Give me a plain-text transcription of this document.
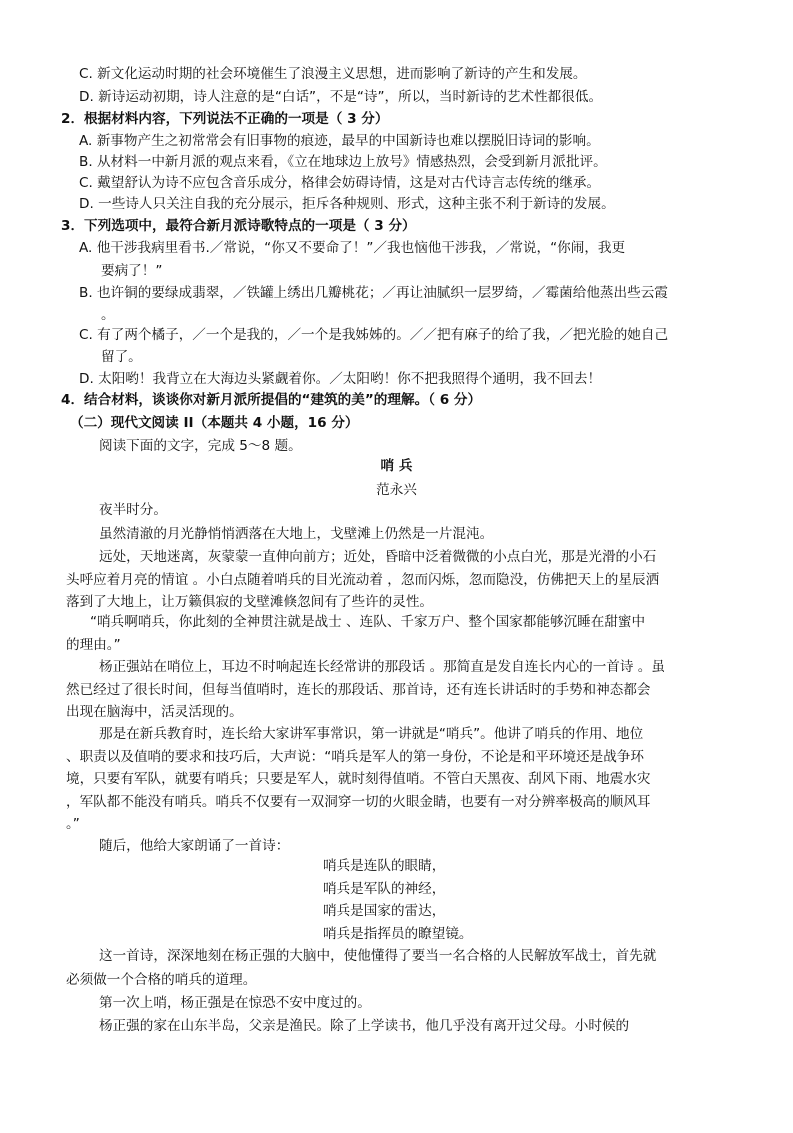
C. 新文化运动时期的社会环境催生了浪漫主义思想，进而影响了新诗的产生和发展。
D. 新诗运动初期，诗人注意的是“白话”，不是“诗”，所以，当时新诗的艺术性都很低。
2．根据材料内容，下列说法不正确的一项是（ 3 分）
A. 新事物产生之初常常会有旧事物的痕迹，最早的中国新诗也难以摆脱旧诗词的影响。
B. 从材料一中新月派的观点来看，《立在地球边上放号》情感热烈，会受到新月派批评。
C. 戴望舒认为诗不应包含音乐成分，格律会妨碍诗情，这是对古代诗言志传统的继承。
D. 一些诗人只关注自我的充分展示，拒斥各种规则、形式，这种主张不利于新诗的发展。
3．下列选项中，最符合新月派诗歌特点的一项是（ 3 分）
A. 他干涉我病里看书.／常说，“你又不要命了！”／我也恼他干涉我，／常说，“你闹，我更
要病了！”
B. 也许铜的要绿成翡翠，／铁罐上绣出几瓣桃花；／再让油腻织一层罗绮，／霉菌给他蒸出些云霞
。
C. 有了两个橘子，／一个是我的，／一个是我姊姊的。／／把有麻子的给了我，／把光脸的她自己
留了。
D. 太阳哟！我背立在大海边头紧觑着你。／太阳哟！你不把我照得个通明，我不回去！
4．结合材料，谈谈你对新月派所提倡的“建筑的美”的理解。（ 6 分）
（二）现代文阅读 II（本题共 4 小题，16 分）
阅读下面的文字，完成 5～8 题。
哨 兵
范永兴
夜半时分。
虽然清澈的月光静悄悄洒落在大地上，戈壁滩上仍然是一片混沌。
远处，天地迷离，灰蒙蒙一直伸向前方；近处，昏暗中泛着微微的小点白光，那是光滑的小石
头呼应着月亮的情谊 。小白点随着哨兵的目光流动着 ，忽而闪烁，忽而隐没，仿佛把天上的星辰洒
落到了大地上，让万籁俱寂的戈壁滩倏忽间有了些许的灵性。
“哨兵啊哨兵，你此刻的全神贯注就是战士 、连队、千家万户、整个国家都能够沉睡在甜蜜中
的理由。”
杨正强站在哨位上，耳边不时响起连长经常讲的那段话 。那简直是发自连长内心的一首诗 。虽
然已经过了很长时间，但每当值哨时，连长的那段话、那首诗，还有连长讲话时的手势和神态都会
出现在脑海中，活灵活现的。
那是在新兵教育时，连长给大家讲军事常识，第一讲就是“哨兵”。他讲了哨兵的作用、地位
、职责以及值哨的要求和技巧后，大声说：“哨兵是军人的第一身份，不论是和平环境还是战争环
境，只要有军队，就要有哨兵；只要是军人，就时刻得值哨。不管白天黑夜、刮风下雨、地震水灾
，军队都不能没有哨兵。哨兵不仅要有一双洞穿一切的火眼金睛，也要有一对分辨率极高的顺风耳
。”
随后，他给大家朗诵了一首诗：
哨兵是连队的眼睛，
哨兵是军队的神经，
哨兵是国家的雷达，
哨兵是指挥员的瞭望镜。
这一首诗，深深地刻在杨正强的大脑中，使他懂得了要当一名合格的人民解放军战士，首先就
必须做一个合格的哨兵的道理。
第一次上哨，杨正强是在惊恐不安中度过的。
杨正强的家在山东半岛，父亲是渔民。除了上学读书，他几乎没有离开过父母。小时候的
